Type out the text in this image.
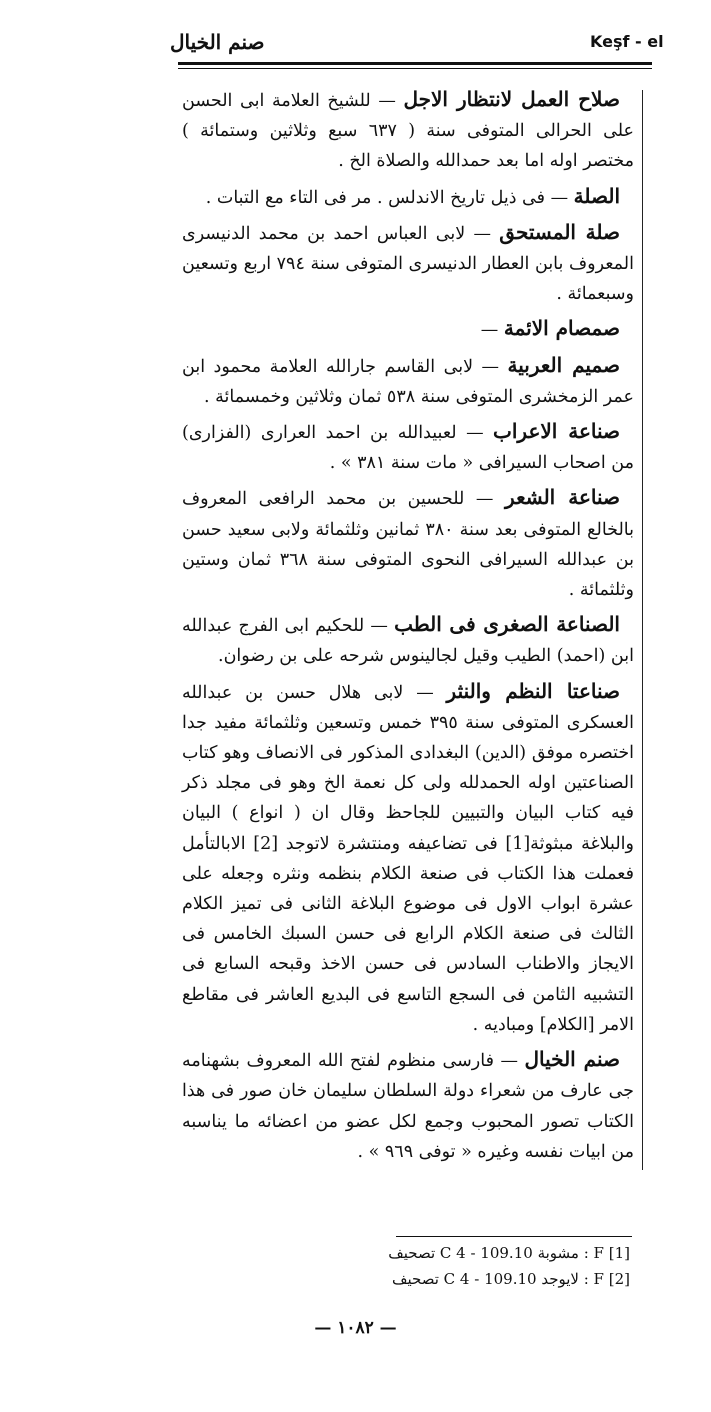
صنم الخيال	Keşf - el

صلاح العمل لانتظار الاجل — للشيخ العلامة ابى الحسن على الحرالى المتوفى سنة ( ٦٣٧ سبع وثلاثين وستمائة ) مختصر اوله اما بعد حمدالله والصلاة الخ .

الصلة — فى ذيل تاريخ الاندلس . مر فى التاء مع التبات .

صلة المستحق — لابى العباس احمد بن محمد الدنيسرى المعروف بابن العطار الدنيسرى المتوفى سنة ٧٩٤ اربع وتسعين وسبعمائة .

صمصام الائمة —

صميم العربية — لابى القاسم جارالله العلامة محمود ابن عمر الزمخشرى المتوفى سنة ٥٣٨ ثمان وثلاثين وخمسمائة .

صناعة الاعراب — لعبيدالله بن احمد العرارى (الفزارى) من اصحاب السيرافى « مات سنة ٣٨١ » .

صناعة الشعر — للحسين بن محمد الرافعى المعروف بالخالع المتوفى بعد سنة ٣٨٠ ثمانين وثلثمائة ولابى سعيد حسن بن عبدالله السيرافى النحوى المتوفى سنة ٣٦٨ ثمان وستين وثلثمائة .

الصناعة الصغرى فى الطب — للحكيم ابى الفرج عبدالله ابن (احمد) الطيب وقيل لجالينوس شرحه على بن رضوان.

صناعتا النظم والنثر — لابى هلال حسن بن عبدالله العسكرى المتوفى سنة ٣٩٥ خمس وتسعين وثلثمائة مفيد جدا اختصره موفق (الدين) البغدادى المذكور فى الانصاف وهو كتاب الصناعتين اوله الحمدلله ولى كل نعمة الخ وهو فى مجلد ذكر فيه كتاب البيان والتبيين للجاحظ وقال ان ( انواع ) البيان والبلاغة مبثوثة[1] فى تضاعيفه ومنتشرة لاتوجد [2] الابالتأمل فعملت هذا الكتاب فى صنعة الكلام بنظمه ونثره وجعله على عشرة ابواب الاول فى موضوع البلاغة الثانى فى تميز الكلام الثالث فى صنعة الكلام الرابع فى حسن السبك الخامس فى الايجاز والاطناب السادس فى حسن الاخذ وقبحه السابع فى التشبيه الثامن فى السجع التاسع فى البديع العاشر فى مقاطع الامر [الكلام] ومباديه .

صنم الخيال — فارسى منظوم لفتح الله المعروف بشهنامه جى عارف من شعراء دولة السلطان سليمان خان صور فى هذا الكتاب تصور المحبوب وجمع لكل عضو من اعضائه ما يناسبه من ابيات نفسه وغيره « توفى ٩٦٩ » .

[1] F : مشوبة C 4 - 109.10 تصحيف
[2] F : لايوجد C 4 - 109.10 تصحيف
— ١٠٨٢ —
